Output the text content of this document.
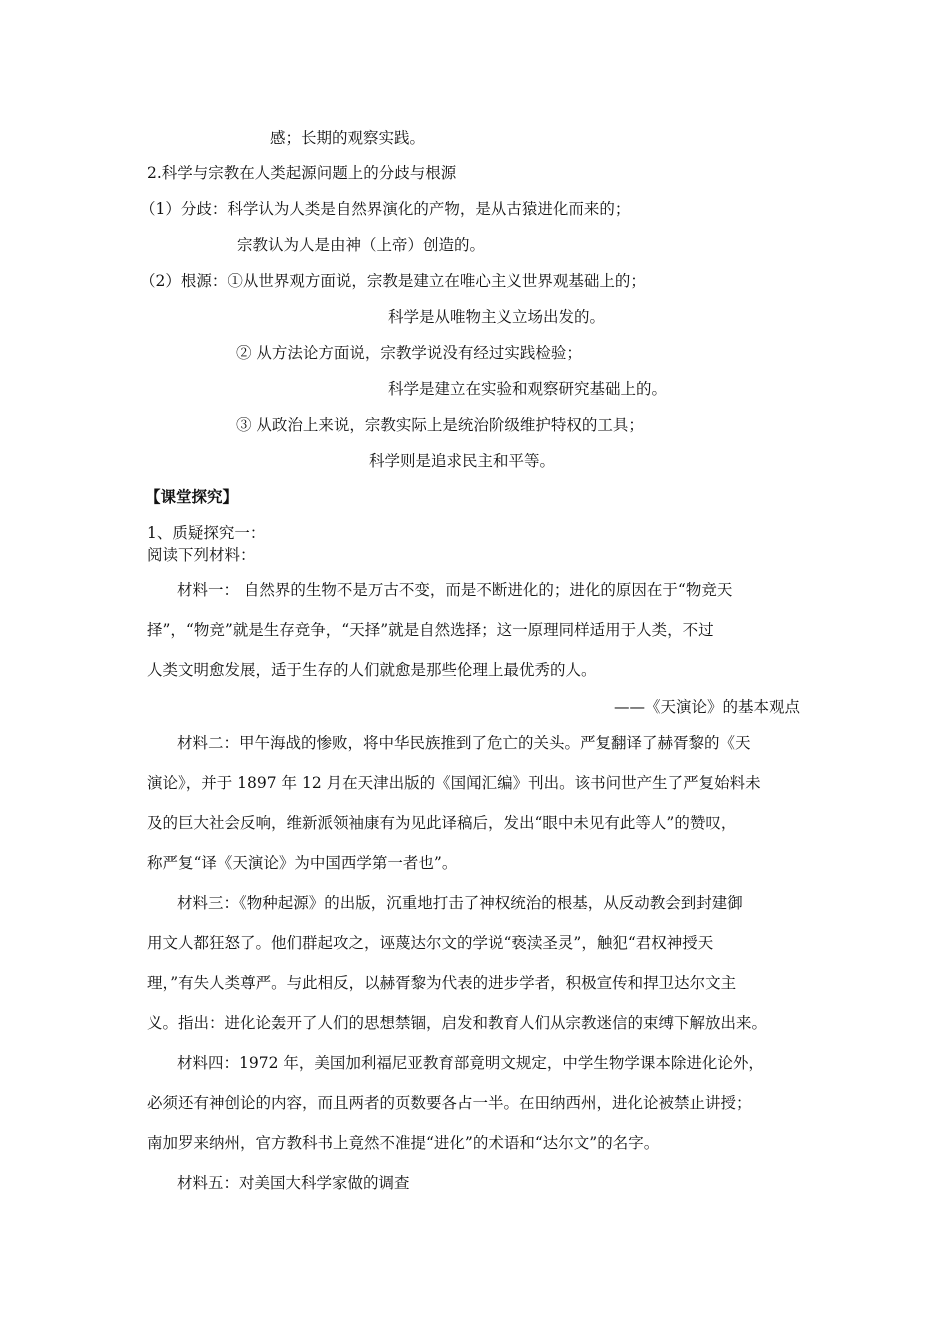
感；长期的观察实践。
2.科学与宗教在人类起源问题上的分歧与根源
（1）分歧：科学认为人类是自然界演化的产物，是从古猿进化而来的；
宗教认为人是由神（上帝）创造的。
（2）根源：①从世界观方面说，宗教是建立在唯心主义世界观基础上的；
科学是从唯物主义立场出发的。
② 从方法论方面说，宗教学说没有经过实践检验；
科学是建立在实验和观察研究基础上的。
③ 从政治上来说，宗教实际上是统治阶级维护特权的工具；
科学则是追求民主和平等。
【课堂探究】
1、质疑探究一：
阅读下列材料：
材料一： 自然界的生物不是万古不变，而是不断进化的；进化的原因在于“物竞天
择”，“物竞”就是生存竞争，“天择”就是自然选择；这一原理同样适用于人类，不过
人类文明愈发展，适于生存的人们就愈是那些伦理上最优秀的人。
——《天演论》的基本观点
材料二：甲午海战的惨败，将中华民族推到了危亡的关头。严复翻译了赫胥黎的《天
演论》，并于 1897 年 12 月在天津出版的《国闻汇编》刊出。该书问世产生了严复始料未
及的巨大社会反响，维新派领袖康有为见此译稿后，发出“眼中未见有此等人”的赞叹，
称严复“译《天演论》为中国西学第一者也”。
材料三：《物种起源》的出版，沉重地打击了神权统治的根基，从反动教会到封建御
用文人都狂怒了。他们群起攻之，诬蔑达尔文的学说“亵渎圣灵”，触犯“君权神授天
理，”有失人类尊严。与此相反，以赫胥黎为代表的进步学者，积极宣传和捍卫达尔文主
义。指出：进化论轰开了人们的思想禁锢，启发和教育人们从宗教迷信的束缚下解放出来。
材料四：1972 年，美国加利福尼亚教育部竟明文规定，中学生物学课本除进化论外，
必须还有神创论的内容，而且两者的页数要各占一半。在田纳西州，进化论被禁止讲授；
南加罗来纳州，官方教科书上竟然不准提“进化”的术语和“达尔文”的名字。
材料五：对美国大科学家做的调查
